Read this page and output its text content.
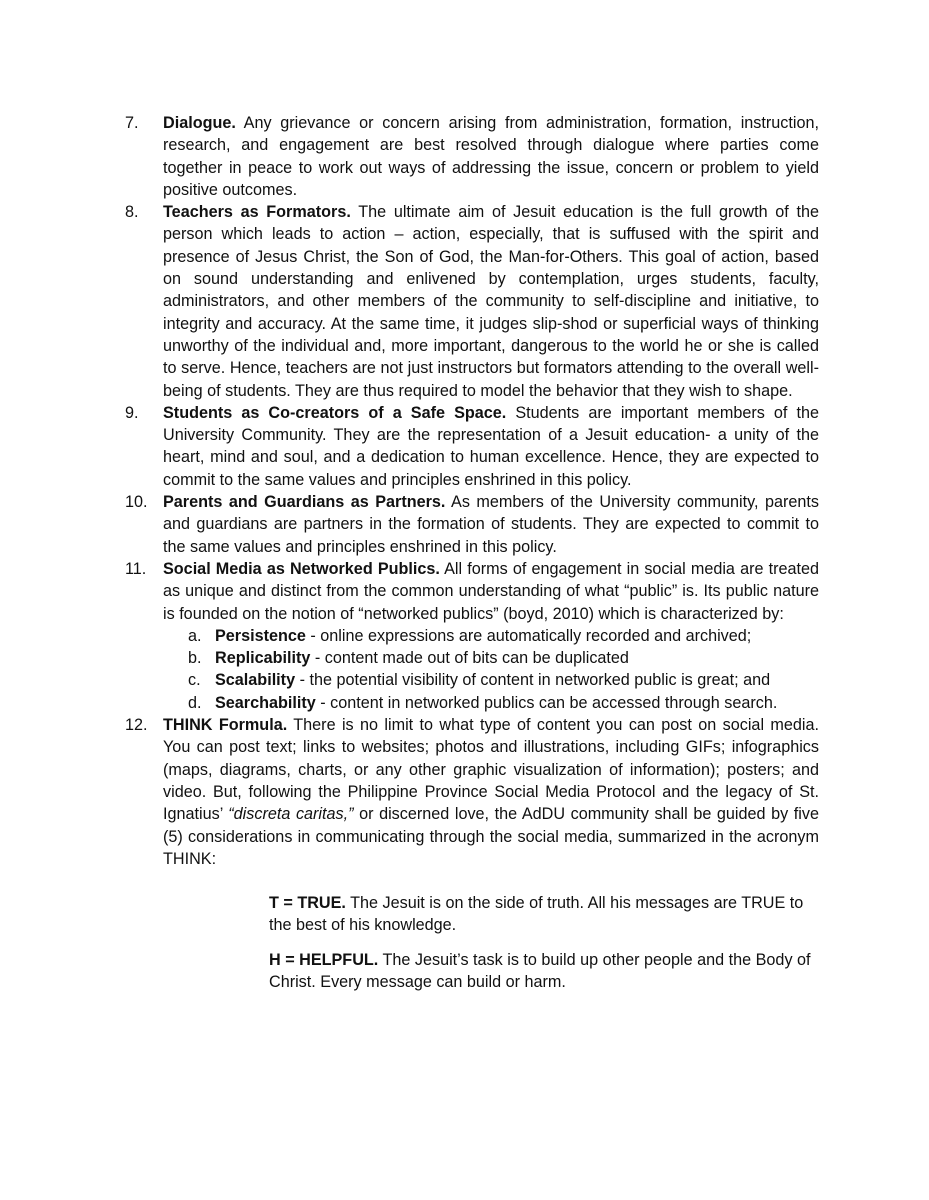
7.	Dialogue. Any grievance or concern arising from administration, formation, instruction, research, and engagement are best resolved through dialogue where parties come together in peace to work out ways of addressing the issue, concern or problem to yield positive outcomes.

8.	Teachers as Formators. The ultimate aim of Jesuit education is the full growth of the person which leads to action – action, especially, that is suffused with the spirit and presence of Jesus Christ, the Son of God, the Man-for-Others. This goal of action, based on sound understanding and enlivened by contemplation, urges students, faculty, administrators, and other members of the community to self-discipline and initiative, to integrity and accuracy. At the same time, it judges slip-shod or superficial ways of thinking unworthy of the individual and, more important, dangerous to the world he or she is called to serve. Hence, teachers are not just instructors but formators attending to the overall well-being of students. They are thus required to model the behavior that they wish to shape.

9.	Students as Co-creators of a Safe Space. Students are important members of the University Community. They are the representation of a Jesuit education- a unity of the heart, mind and soul, and a dedication to human excellence. Hence, they are expected to commit to the same values and principles enshrined in this policy.

10. Parents and Guardians as Partners. As members of the University community, parents and guardians are partners in the formation of students. They are expected to commit to the same values and principles enshrined in this policy.

11.	Social Media as Networked Publics. All forms of engagement in social media are treated as unique and distinct from the common understanding of what “public” is. Its public nature is founded on the notion of “networked publics” (boyd, 2010) which is characterized by:

a. Persistence - online expressions are automatically recorded and archived;

b. Replicability - content made out of bits can be duplicated

c. Scalability - the potential visibility of content in networked public is great; and

d. Searchability - content in networked publics can be accessed through search.

12. THINK Formula. There is no limit to what type of content you can post on social media. You can post text; links to websites; photos and illustrations, including GIFs; infographics (maps, diagrams, charts, or any other graphic visualization of information); posters; and video. But, following the Philippine Province Social Media Protocol and the legacy of St. Ignatius’ “discreta caritas,” or discerned love, the AdDU community shall be guided by five (5) considerations in communicating through the social media, summarized in the acronym THINK:

T = TRUE. The Jesuit is on the side of truth. All his messages are TRUE to the best of his knowledge.

H = HELPFUL. The Jesuit’s task is to build up other people and the Body of Christ. Every message can build or harm.
